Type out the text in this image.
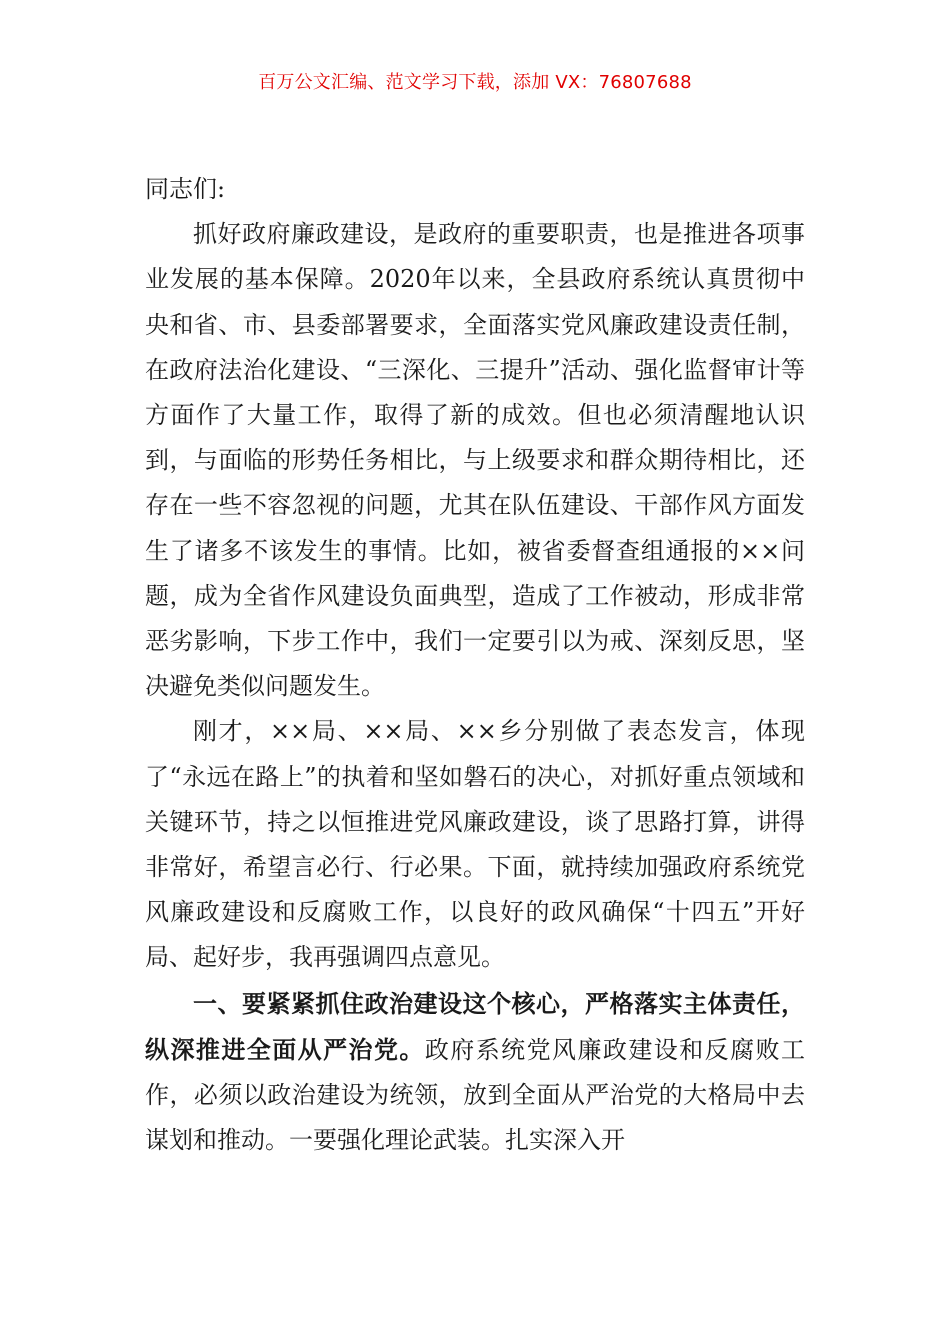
百万公文汇编、范文学习下载，添加 VX：76807688

同志们:

抓好政府廉政建设，是政府的重要职责，也是推进各项事业发展的基本保障。2020年以来，全县政府系统认真贯彻中央和省、市、县委部署要求，全面落实党风廉政建设责任制，在政府法治化建设、“三深化、三提升”活动、强化监督审计等方面作了大量工作，取得了新的成效。但也必须清醒地认识到，与面临的形势任务相比，与上级要求和群众期待相比，还存在一些不容忽视的问题，尤其在队伍建设、干部作风方面发生了诸多不该发生的事情。比如，被省委督查组通报的××问题，成为全省作风建设负面典型，造成了工作被动，形成非常恶劣影响，下步工作中，我们一定要引以为戒、深刻反思，坚决避免类似问题发生。

刚才，××局、××局、××乡分别做了表态发言，体现了“永远在路上”的执着和坚如磐石的决心，对抓好重点领域和关键环节，持之以恒推进党风廉政建设，谈了思路打算，讲得非常好，希望言必行、行必果。下面，就持续加强政府系统党风廉政建设和反腐败工作，以良好的政风确保“十四五”开好局、起好步，我再强调四点意见。

一、要紧紧抓住政治建设这个核心，严格落实主体责任，纵深推进全面从严治党。政府系统党风廉政建设和反腐败工作，必须以政治建设为统领，放到全面从严治党的大格局中去谋划和推动。一要强化理论武装。扎实深入开
